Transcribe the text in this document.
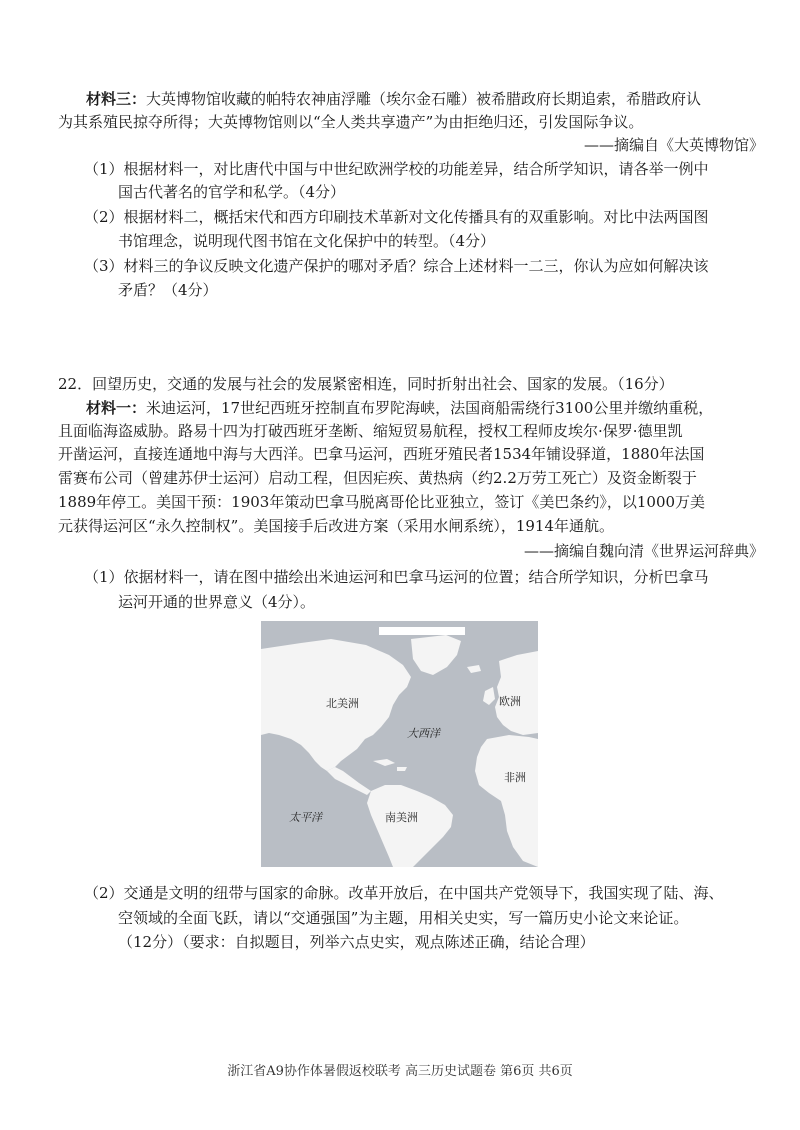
材料三：大英博物馆收藏的帕特农神庙浮雕（埃尔金石雕）被希腊政府长期追索，希腊政府认
为其系殖民掠夺所得；大英博物馆则以“全人类共享遗产”为由拒绝归还，引发国际争议。
——摘编自《大英博物馆》
（1）根据材料一，对比唐代中国与中世纪欧洲学校的功能差异，结合所学知识，请各举一例中
国古代著名的官学和私学。（4分）
（2）根据材料二，概括宋代和西方印刷技术革新对文化传播具有的双重影响。对比中法两国图
书馆理念，说明现代图书馆在文化保护中的转型。（4分）
（3）材料三的争议反映文化遗产保护的哪对矛盾？综合上述材料一二三，你认为应如何解决该
矛盾？（4分）
22．回望历史，交通的发展与社会的发展紧密相连，同时折射出社会、国家的发展。（16分）
材料一：米迪运河，17世纪西班牙控制直布罗陀海峡，法国商船需绕行3100公里并缴纳重税，
且面临海盗威胁。路易十四为打破西班牙垄断、缩短贸易航程，授权工程师皮埃尔·保罗·德里凯
开凿运河，直接连通地中海与大西洋。巴拿马运河，西班牙殖民者1534年铺设驿道，1880年法国
雷赛布公司（曾建苏伊士运河）启动工程，但因疟疾、黄热病（约2.2万劳工死亡）及资金断裂于
1889年停工。美国干预：1903年策动巴拿马脱离哥伦比亚独立，签订《美巴条约》，以1000万美
元获得运河区“永久控制权”。美国接手后改进方案（采用水闸系统），1914年通航。
——摘编自魏向清《世界运河辞典》
（1）依据材料一，请在图中描绘出米迪运河和巴拿马运河的位置；结合所学知识，分析巴拿马
运河开通的世界意义（4分）。
北美洲
大西洋
欧洲
非洲
南美洲
太平洋
（2）交通是文明的纽带与国家的命脉。改革开放后，在中国共产党领导下，我国实现了陆、海、
空领域的全面飞跃，请以“交通强国”为主题，用相关史实，写一篇历史小论文来论证。
（12分）（要求：自拟题目，列举六点史实，观点陈述正确，结论合理）
浙江省A9协作体暑假返校联考 高三历史试题卷 第6页 共6页
